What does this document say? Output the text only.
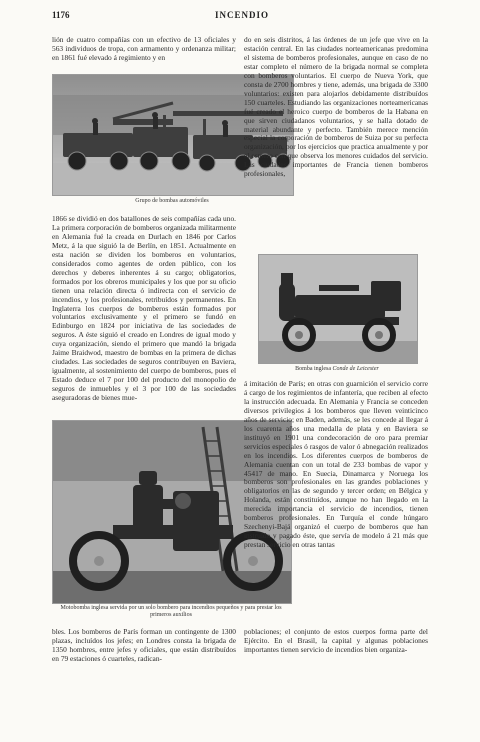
1176	INCENDIO

lión de cuatro compañías con un efectivo de 13 oficiales y 563 individuos de tropa, con armamento y ordenanza militar; en 1861 fué elevado á regimiento y en

Grupo de bombas automóviles

1866 se dividió en dos batallones de seis compañías cada uno. La primera corporación de bomberos organizada militarmente en Alemania fué la creada en Durlach en 1846 por Carlos Metz, á la que siguió la de Berlín, en 1851. Actualmente en esta nación se dividen los bomberos en voluntarios, considerados como agentes de orden público, con los derechos y deberes inherentes á su cargo; obligatorios, formados por los obreros municipales y los que por su oficio tienen una relación directa ó indirecta con el servicio de incendios, y los profesionales, retribuídos y permanentes. En Inglaterra los cuerpos de bomberos están formados por voluntarios exclusivamente y el primero se fundó en Edinburgo en 1824 por iniciativa de las sociedades de seguros. A éste siguió el creado en Londres de igual modo y cuya organización, siendo el primero que mandó la brigada Jaime Braidwod, maestro de bombas en la primera de dichas ciudades. Las sociedades de seguros contribuyen en Baviera, igualmente, al sostenimiento del cuerpo de bomberos, pues el Estado deduce el 7 por 100 del producto del monopolio de seguros de inmuebles y el 3 por 100 de las sociedades aseguradoras de bienes mue-

Motobomba inglesa servida por un solo bombero para incendios pequeños y para prestar los primeros auxilios

bles. Los bomberos de París forman un contingente de 1300 plazas, incluídos los jefes; en Londres consta la brigada de 1350 hombres, entre jefes y oficiales, que están distribuídos en 79 estaciones ó cuarteles, radican-

do en seis distritos, á las órdenes de un jefe que vive en la estación central. En las ciudades norteamericanas predomina el sistema de bomberos profesionales, aunque en caso de no estar completo el número de la brigada normal se completa con bomberos voluntarios. El cuerpo de Nueva York, que consta de 2700 hombres y tiene, además, una brigada de 3300 voluntarios: existen para alojarlos debidamente distribuídos 150 cuarteles. Estudiando las organizaciones norteamericanas fué creado el heroico cuerpo de bomberos de la Habana en que sirven ciudadanos voluntarios, y se halla dotado de material abundante y perfecto. También merece mención especial la corporación de bomberos de Suiza por su perfecta organización, por los ejercicios que practica anualmente y por el esmero con que observa los menores cuidados del servicio. Las ciudades importantes de Francia tienen bomberos profesionales,

Bomba inglesa Conde de Leicester

á imitación de París; en otras con guarnición el servicio corre á cargo de los regimientos de infantería, que reciben al efecto la instrucción adecuada. En Alemania y Francia se conceden diversos privilegios á los bomberos que lleven veinticinco años de servicio; en Baden, además, se les concede al llegar á los cuarenta años una medalla de plata y en Baviera se instituyó en 1901 una condecoración de oro para premiar servicios especiales ó rasgos de valor ó abnegación realizados en los incendios. Los diferentes cuerpos de bomberos de Alemania cuentan con un total de 233 bombas de vapor y 45417 de mano. En Suecia, Dinamarca y Noruega los bomberos son profesionales en las grandes poblaciones y obligatorios en las de segundo y tercer orden; en Bélgica y Holanda, están constituídos, aunque no han llegado en la merecida importancia el servicio de incendios, tienen bomberos profesionales. En Turquía el conde húngaro Szechenyi-Bajá organizó el cuerpo de bomberos que han instruído y pagado éste, que servía de modelo á 21 más que prestan servicio en otras tantas

poblaciones; el conjunto de estos cuerpos forma parte del Ejército. En el Brasil, la capital y algunas poblaciones importantes tienen servicio de incendios bien organiza-
